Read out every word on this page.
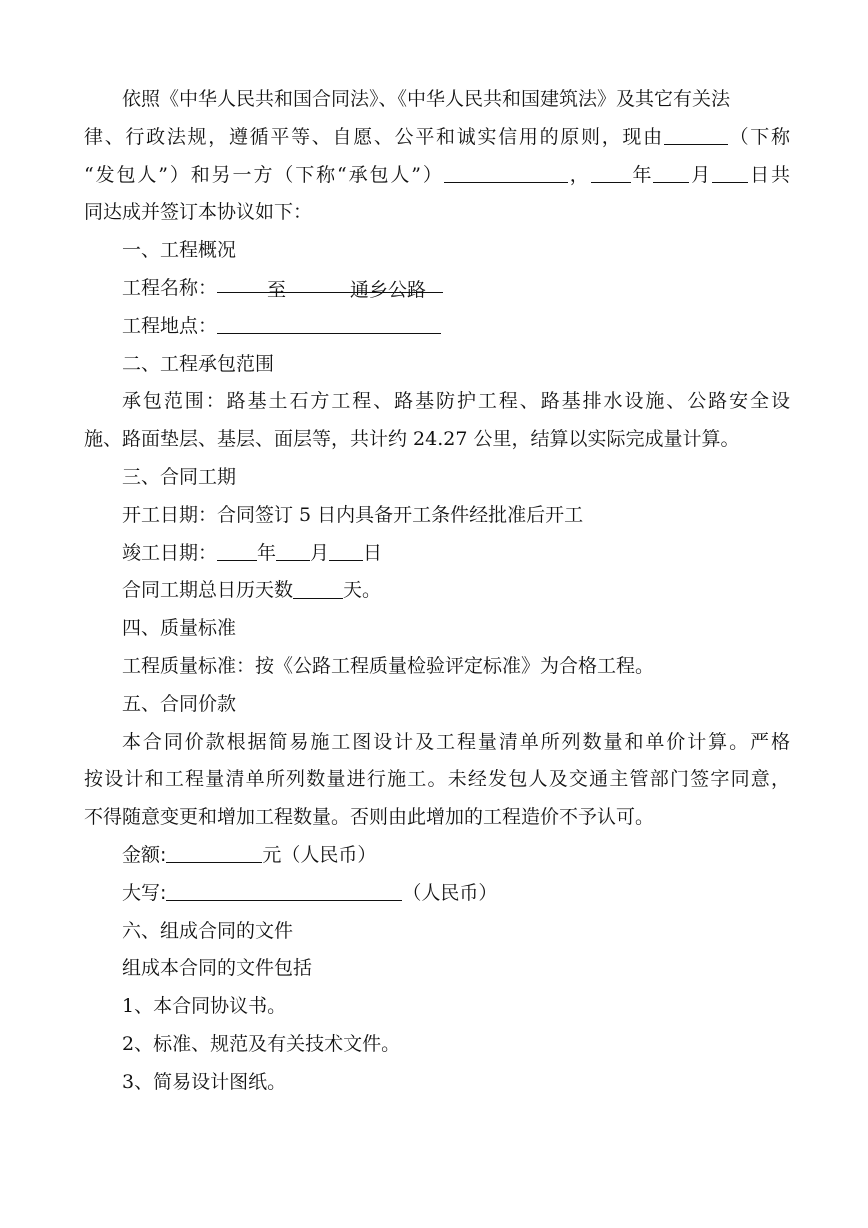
依照《中华人民共和国合同法》、《中华人民共和国建筑法》及其它有关法

律、行政法规，遵循平等、自愿、公平和诚实信用的原则，现由	（下称

“发包人”）和另一方（下称“承包人”）	， 年 月 日共

同达成并签订本协议如下：

一、工程概况

工程名称：	至	通乡公路

工程地点：

二、工程承包范围

承包范围：路基土石方工程、路基防护工程、路基排水设施、公路安全设

施、路面垫层、基层、面层等，共计约 24.27 公里，结算以实际完成量计算。

三、合同工期

开工日期：合同签订 5 日内具备开工条件经批准后开工

竣工日期： 年 月 日

合同工期总日历天数	天。

四、质量标准

工程质量标准：按《公路工程质量检验评定标准》为合格工程。

五、合同价款

本合同价款根据简易施工图设计及工程量清单所列数量和单价计算。严格

按设计和工程量清单所列数量进行施工。未经发包人及交通主管部门签字同意，

不得随意变更和增加工程数量。否则由此增加的工程造价不予认可。

金额:	元（人民币）

大写:	（人民币）

六、组成合同的文件

组成本合同的文件包括

1、本合同协议书。

2、标准、规范及有关技术文件。

3、简易设计图纸。
